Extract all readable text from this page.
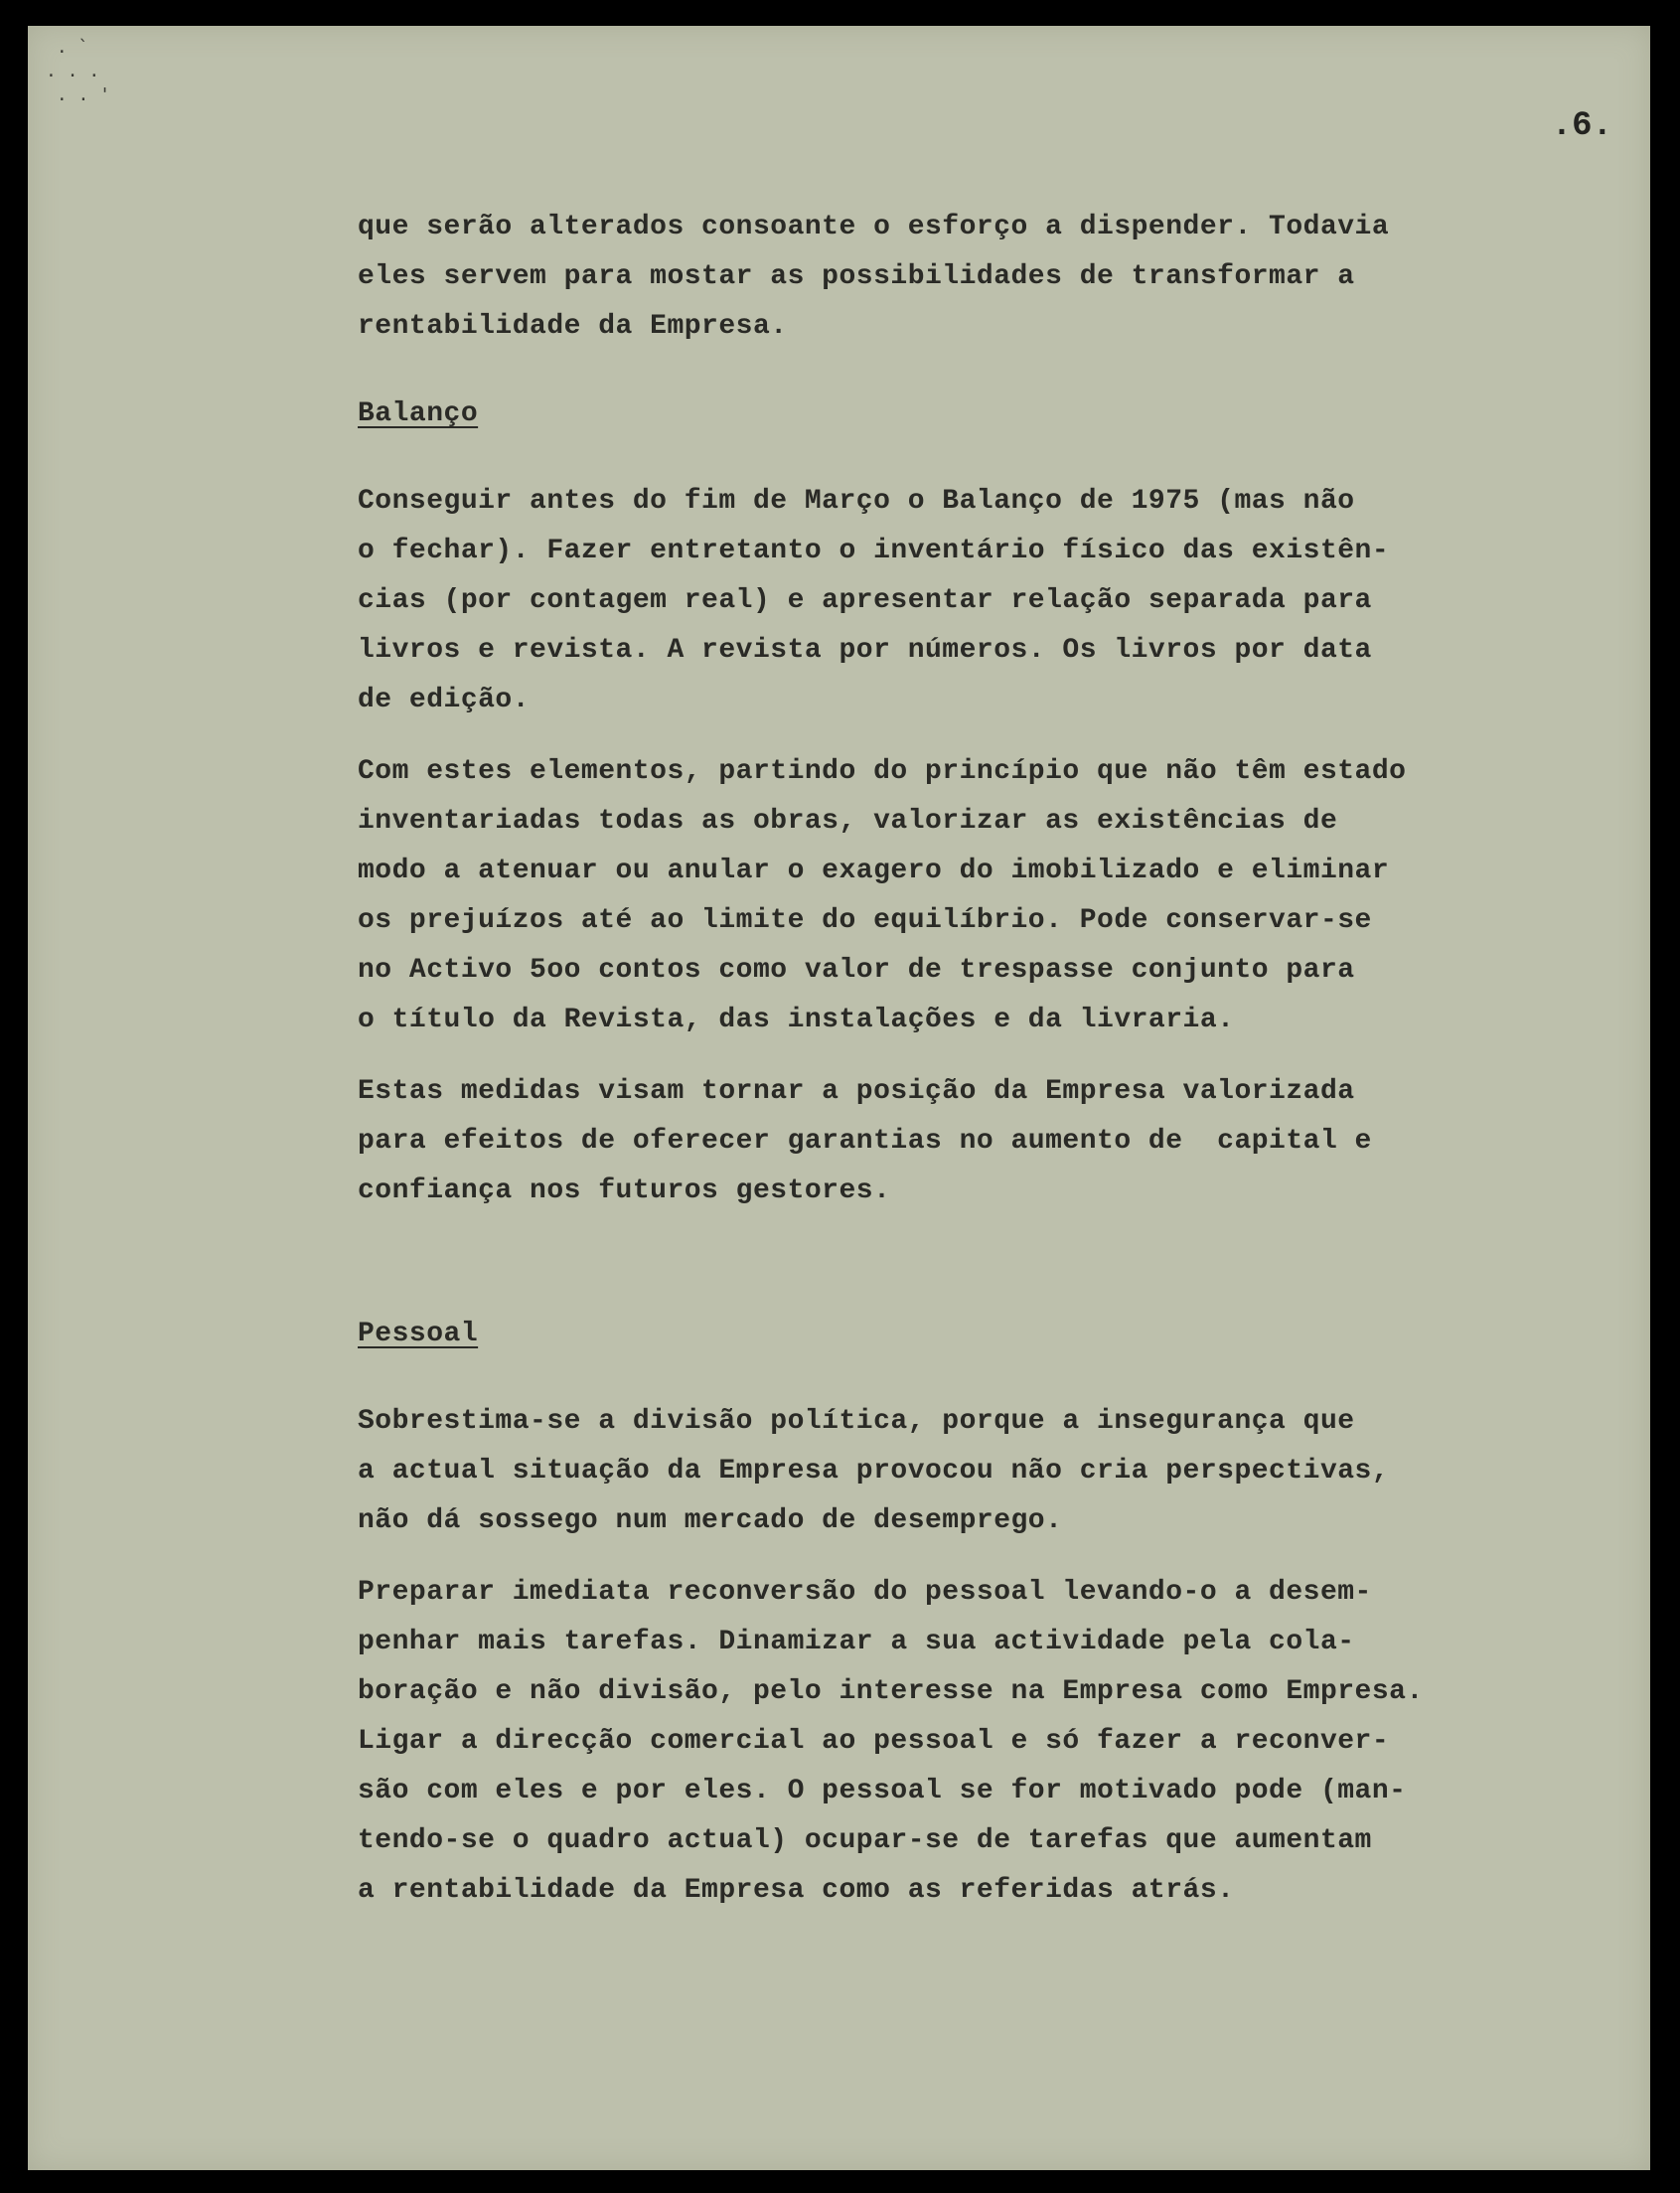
. `
. . .
. . '
.6.
que serão alterados consoante o esforço a dispender. Todavia
eles servem para mostar as possibilidades de transformar a
rentabilidade da Empresa.
Balanço
Conseguir antes do fim de Março o Balanço de 1975 (mas não
o fechar). Fazer entretanto o inventário físico das existên-
cias (por contagem real) e apresentar relação separada para
livros e revista. A revista por números. Os livros por data
de edição.
Com estes elementos, partindo do princípio que não têm estado
inventariadas todas as obras, valorizar as existências de
modo a atenuar ou anular o exagero do imobilizado e eliminar
os prejuízos até ao limite do equilíbrio. Pode conservar-se
no Activo 5oo contos como valor de trespasse conjunto para
o título da Revista, das instalações e da livraria.
Estas medidas visam tornar a posição da Empresa valorizada
para efeitos de oferecer garantias no aumento de  capital e
confiança nos futuros gestores.
Pessoal
Sobrestima-se a divisão política, porque a insegurança que
a actual situação da Empresa provocou não cria perspectivas,
não dá sossego num mercado de desemprego.
Preparar imediata reconversão do pessoal levando-o a desem-
penhar mais tarefas. Dinamizar a sua actividade pela cola-
boração e não divisão, pelo interesse na Empresa como Empresa.
Ligar a direcção comercial ao pessoal e só fazer a reconver-
são com eles e por eles. O pessoal se for motivado pode (man-
tendo-se o quadro actual) ocupar-se de tarefas que aumentam
a rentabilidade da Empresa como as referidas atrás.
